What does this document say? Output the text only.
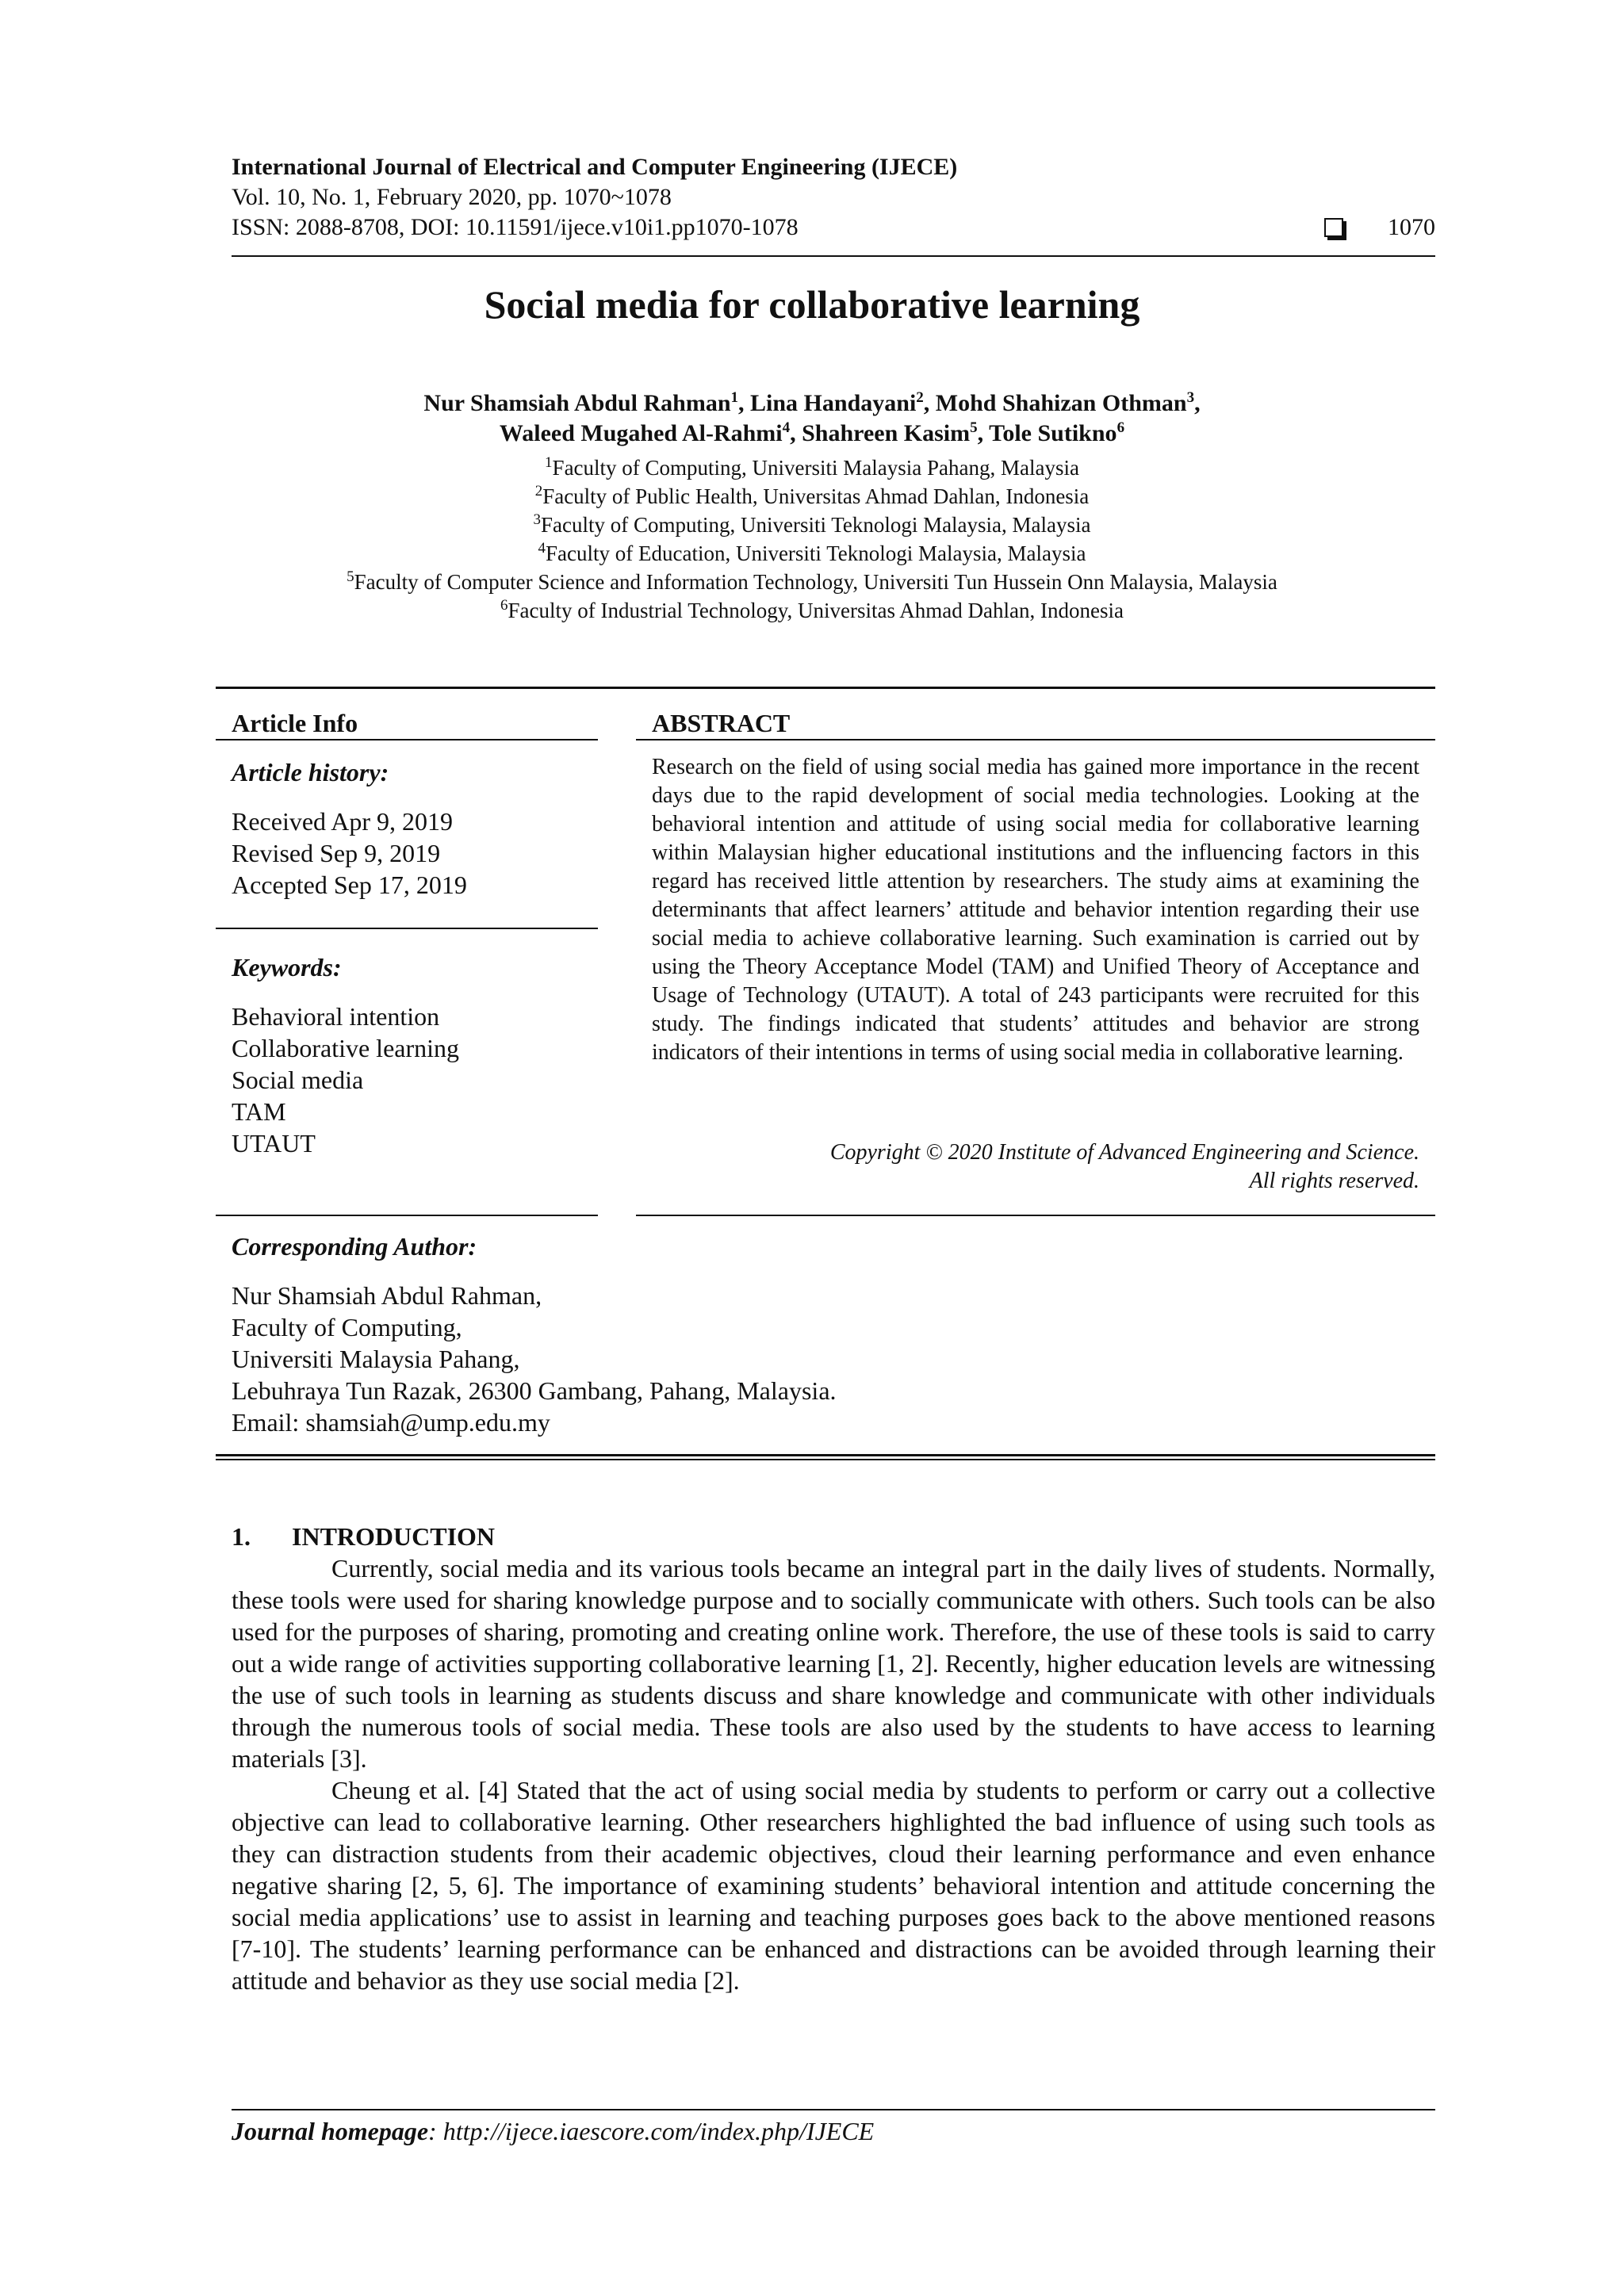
International Journal of Electrical and Computer Engineering (IJECE)
Vol. 10, No. 1, February 2020, pp. 1070~1078
ISSN: 2088-8708, DOI: 10.11591/ijece.v10i1.pp1070-1078	1070
Social media for collaborative learning
Nur Shamsiah Abdul Rahman$^1$, Lina Handayani$^2$, Mohd Shahizan Othman$^3$,
Waleed Mugahed Al-Rahmi$^4$, Shahreen Kasim$^5$, Tole Sutikno$^6$
$^1$Faculty of Computing, Universiti Malaysia Pahang, Malaysia
$^2$Faculty of Public Health, Universitas Ahmad Dahlan, Indonesia
$^3$Faculty of Computing, Universiti Teknologi Malaysia, Malaysia
$^4$Faculty of Education, Universiti Teknologi Malaysia, Malaysia
$^5$Faculty of Computer Science and Information Technology, Universiti Tun Hussein Onn Malaysia, Malaysia
$^6$Faculty of Industrial Technology, Universitas Ahmad Dahlan, Indonesia
Article Info
Article history:
Received Apr 9, 2019
Revised Sep 9, 2019
Accepted Sep 17, 2019
Keywords:
Behavioral intention
Collaborative learning
Social media
TAM
UTAUT
ABSTRACT
Research on the field of using social media has gained more importance in the recent days due to the rapid development of social media technologies. Looking at the behavioral intention and attitude of using social media for collaborative learning within Malaysian higher educational institutions and the influencing factors in this regard has received little attention by researchers. The study aims at examining the determinants that affect learners’ attitude and behavior intention regarding their use social media to achieve collaborative learning. Such examination is carried out by using the Theory Acceptance Model (TAM) and Unified Theory of Acceptance and Usage of Technology (UTAUT). A total of 243 participants were recruited for this study. The findings indicated that students’ attitudes and behavior are strong indicators of their intentions in terms of using social media in collaborative learning.
Copyright © 2020 Institute of Advanced Engineering and Science.
All rights reserved.
Corresponding Author:
Nur Shamsiah Abdul Rahman,
Faculty of Computing,
Universiti Malaysia Pahang,
Lebuhraya Tun Razak, 26300 Gambang, Pahang, Malaysia.
Email: shamsiah@ump.edu.my
1. INTRODUCTION

Currently, social media and its various tools became an integral part in the daily lives of students. Normally, these tools were used for sharing knowledge purpose and to socially communicate with others. Such tools can be also used for the purposes of sharing, promoting and creating online work. Therefore, the use of these tools is said to carry out a wide range of activities supporting collaborative learning [1, 2]. Recently, higher education levels are witnessing the use of such tools in learning as students discuss and share knowledge and communicate with other individuals through the numerous tools of social media. These tools are also used by the students to have access to learning materials [3].

Cheung et al. [4] Stated that the act of using social media by students to perform or carry out a collective objective can lead to collaborative learning. Other researchers highlighted the bad influence of using such tools as they can distraction students from their academic objectives, cloud their learning performance and even enhance negative sharing [2, 5, 6]. The importance of examining students’ behavioral intention and attitude concerning the social media applications’ use to assist in learning and teaching purposes goes back to the above mentioned reasons [7-10]. The students’ learning performance can be enhanced and distractions can be avoided through learning their attitude and behavior as they use social media [2].

Journal homepage: http://ijece.iaescore.com/index.php/IJECE
